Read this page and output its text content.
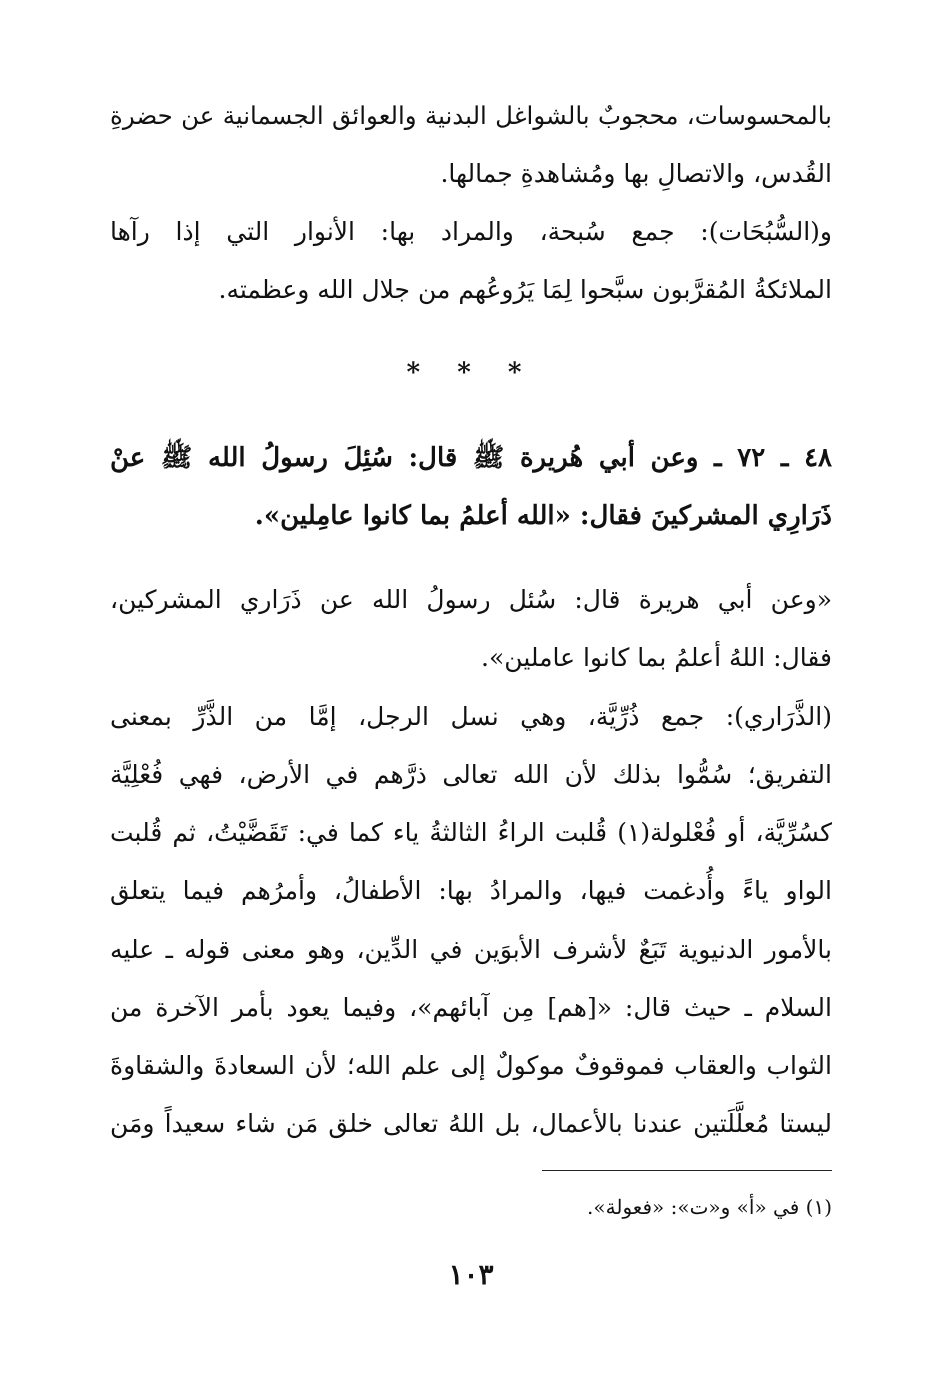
بالمحسوسات، محجوبٌ بالشواغل البدنية والعوائق الجسمانية عن حضرةِ
القُدس، والاتصالِ بها ومُشاهدةِ جمالها.
و(السُّبُحَات): جمع سُبحة، والمراد بها: الأنوار التي إذا رآها
الملائكةُ المُقرَّبون سبَّحوا لِمَا يَرُوعُهم من جلال الله وعظمته.
* * *
٤٨ ـ ٧٢ ـ وعن أبي هُريرة ﷺ قال: سُئِلَ رسولُ الله ﷺ عنْ
ذَرَارِي المشركينَ فقال: «الله أعلمُ بما كانوا عامِلين».
«وعن أبي هريرة قال: سُئل رسولُ الله عن ذَرَاري المشركين،
فقال: اللهُ أعلمُ بما كانوا عاملين».
(الذَّرَاري): جمع ذُرِّيَّة، وهي نسل الرجل، إمَّا من الذَّرِّ بمعنى
التفريق؛ سُمُّوا بذلك لأن الله تعالى ذرَّهم في الأرض، فهي فُعْلِيَّة
كسُرِّيَّة، أو فُعْلولة(١) قُلبت الراءُ الثالثةُ ياء كما في: تَقَضَّيْتُ، ثم قُلبت
الواو ياءً وأُدغمت فيها، والمرادُ بها: الأطفالُ، وأمرُهم فيما يتعلق
بالأمور الدنيوية تَبَعٌ لأشرف الأبوَين في الدِّين، وهو معنى قوله ـ عليه
السلام ـ حيث قال: «[هم] مِن آبائهم»، وفيما يعود بأمر الآخرة من
الثواب والعقاب فموقوفٌ موكولٌ إلى علم الله؛ لأن السعادةَ والشقاوةَ
ليستا مُعلَّلَتين عندنا بالأعمال، بل اللهُ تعالى خلق مَن شاء سعيداً ومَن
(١) في «أ» و«ت»: «فعولة».
١٠٣
